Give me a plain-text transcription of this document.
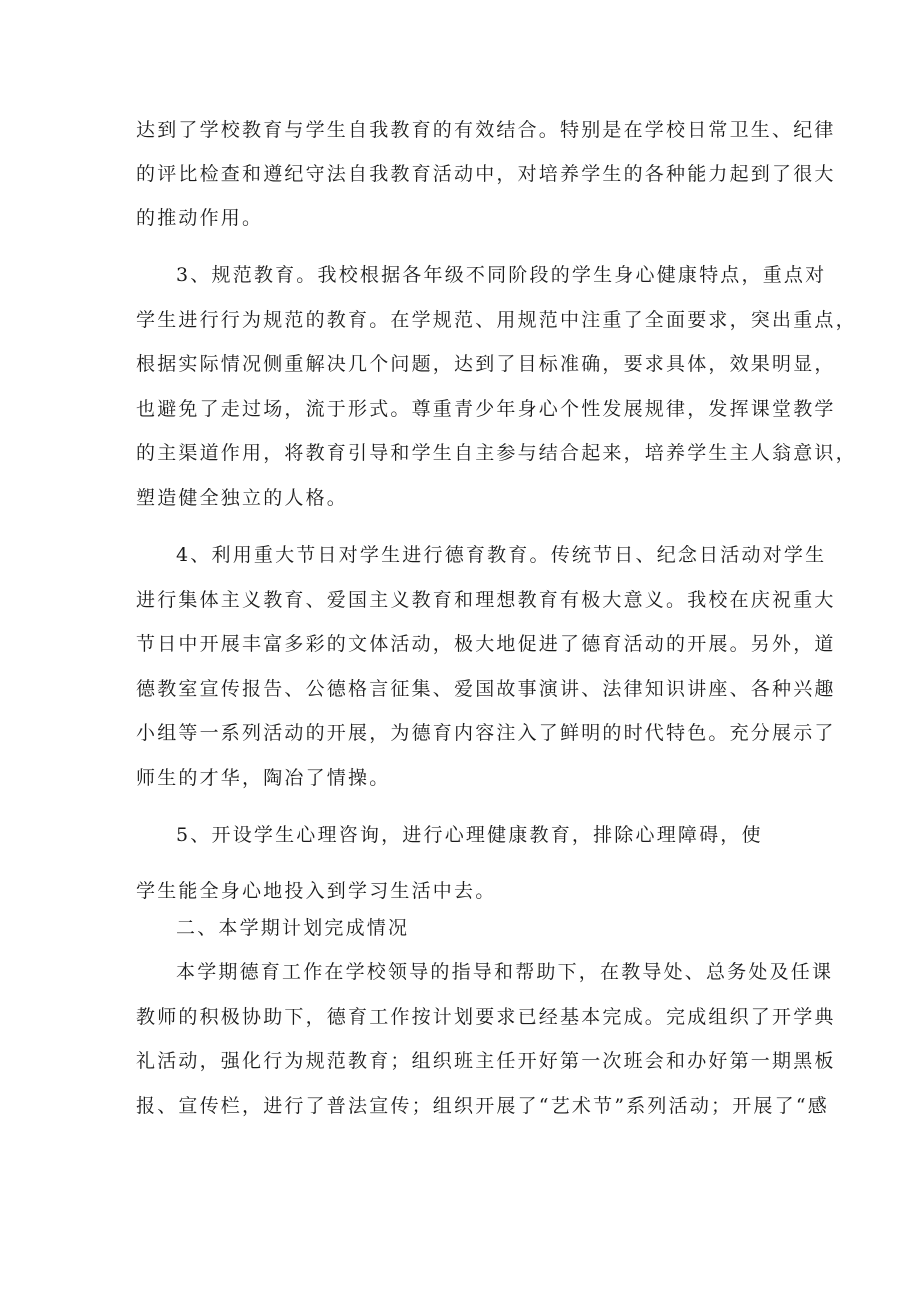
达到了学校教育与学生自我教育的有效结合。特别是在学校日常卫生、纪律
的评比检查和遵纪守法自我教育活动中，对培养学生的各种能力起到了很大
的推动作用。
3、规范教育。我校根据各年级不同阶段的学生身心健康特点，重点对
学生进行行为规范的教育。在学规范、用规范中注重了全面要求，突出重点，
根据实际情况侧重解决几个问题，达到了目标准确，要求具体，效果明显，
也避免了走过场，流于形式。尊重青少年身心个性发展规律，发挥课堂教学
的主渠道作用，将教育引导和学生自主参与结合起来，培养学生主人翁意识，
塑造健全独立的人格。
4、利用重大节日对学生进行德育教育。传统节日、纪念日活动对学生
进行集体主义教育、爱国主义教育和理想教育有极大意义。我校在庆祝重大
节日中开展丰富多彩的文体活动，极大地促进了德育活动的开展。另外，道
德教室宣传报告、公德格言征集、爱国故事演讲、法律知识讲座、各种兴趣
小组等一系列活动的开展，为德育内容注入了鲜明的时代特色。充分展示了
师生的才华，陶冶了情操。
5、开设学生心理咨询，进行心理健康教育，排除心理障碍，使
学生能全身心地投入到学习生活中去。
二、本学期计划完成情况
本学期德育工作在学校领导的指导和帮助下，在教导处、总务处及任课
教师的积极协助下，德育工作按计划要求已经基本完成。完成组织了开学典
礼活动，强化行为规范教育；组织班主任开好第一次班会和办好第一期黑板
报、宣传栏，进行了普法宣传；组织开展了“艺术节”系列活动；开展了“感
